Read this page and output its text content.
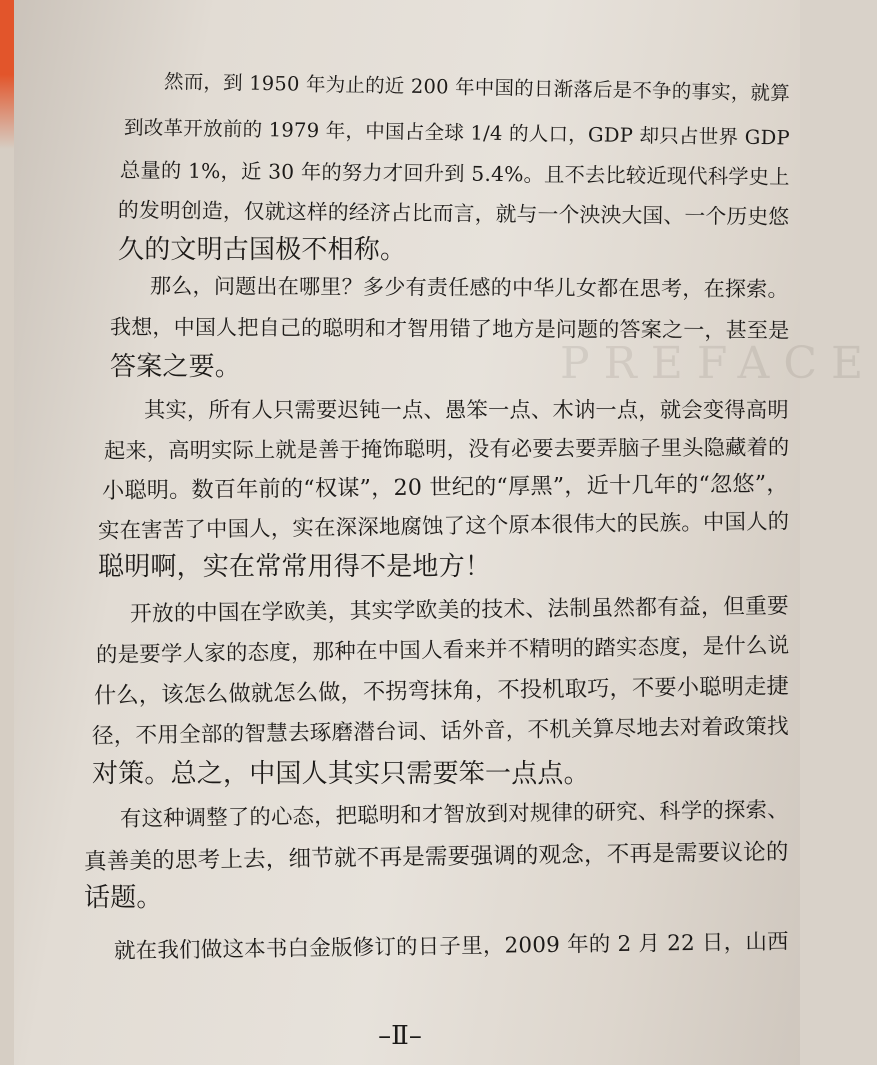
PREFACE
然而，到 1950 年为止的近 200 年中国的日渐落后是不争的事实，就算
到改革开放前的 1979 年，中国占全球 1/4 的人口，GDP 却只占世界 GDP
总量的 1%，近 30 年的努力才回升到 5.4%。且不去比较近现代科学史上
的发明创造，仅就这样的经济占比而言，就与一个泱泱大国、一个历史悠
久的文明古国极不相称。
那么，问题出在哪里？多少有责任感的中华儿女都在思考，在探索。
我想，中国人把自己的聪明和才智用错了地方是问题的答案之一，甚至是
答案之要。
其实，所有人只需要迟钝一点、愚笨一点、木讷一点，就会变得高明
起来，高明实际上就是善于掩饰聪明，没有必要去要弄脑子里头隐藏着的
小聪明。数百年前的“权谋”，20 世纪的“厚黑”，近十几年的“忽悠”，
实在害苦了中国人，实在深深地腐蚀了这个原本很伟大的民族。中国人的
聪明啊，实在常常用得不是地方！
开放的中国在学欧美，其实学欧美的技术、法制虽然都有益，但重要
的是要学人家的态度，那种在中国人看来并不精明的踏实态度，是什么说
什么，该怎么做就怎么做，不拐弯抹角，不投机取巧，不要小聪明走捷
径，不用全部的智慧去琢磨潜台词、话外音，不机关算尽地去对着政策找
对策。总之，中国人其实只需要笨一点点。
有这种调整了的心态，把聪明和才智放到对规律的研究、科学的探索、
真善美的思考上去，细节就不再是需要强调的观念，不再是需要议论的
话题。
就在我们做这本书白金版修订的日子里，2009 年的 2 月 22 日，山西
–Ⅱ–
